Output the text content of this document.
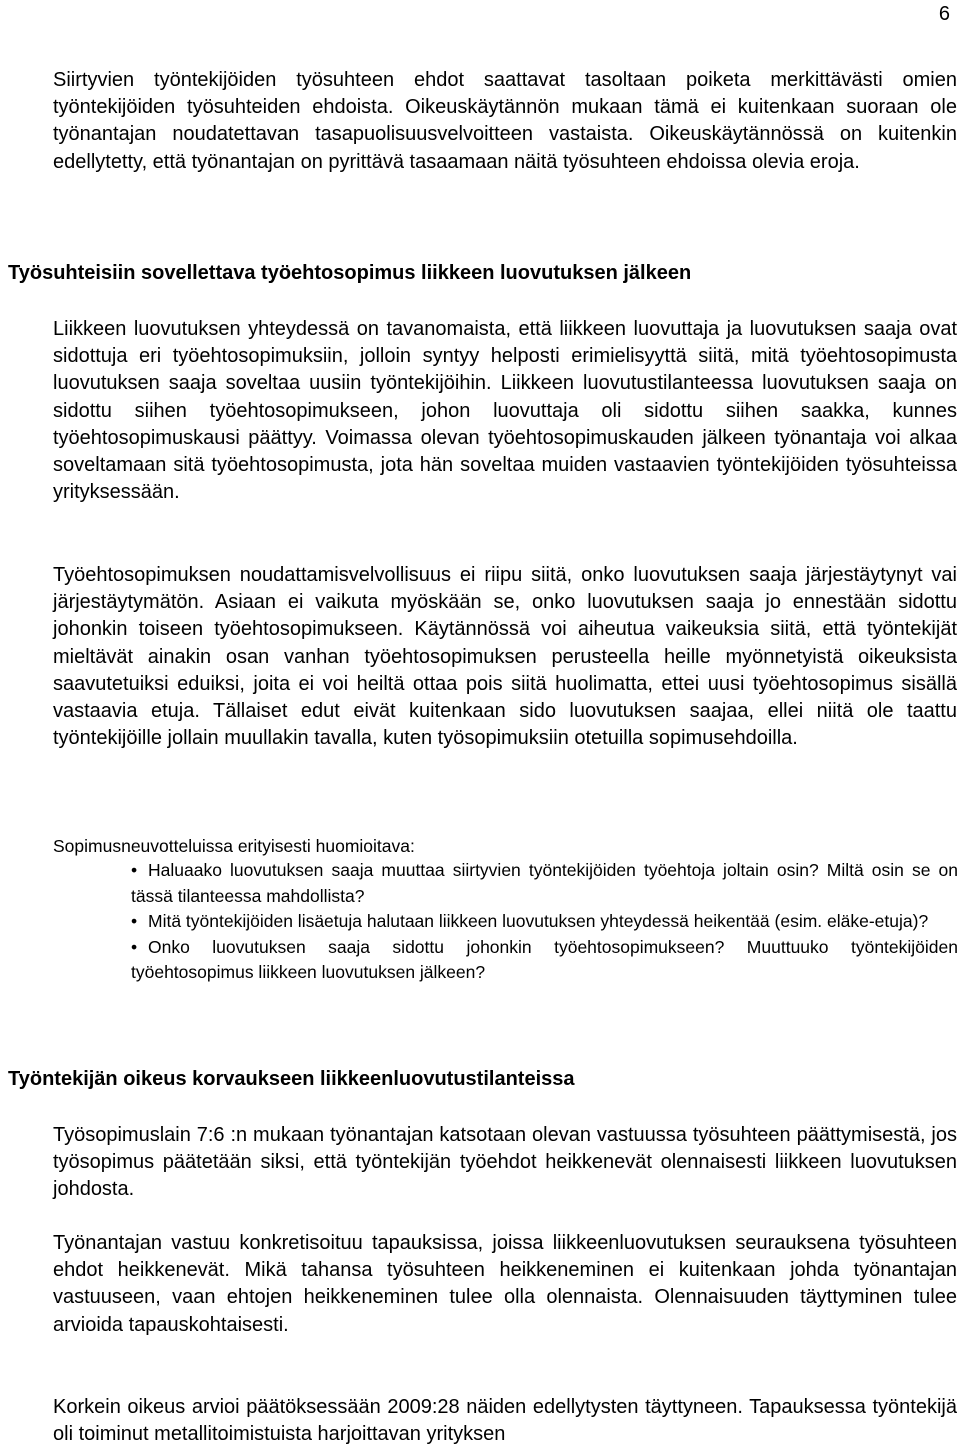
6

Siirtyvien työntekijöiden työsuhteen ehdot saattavat tasoltaan poiketa merkittävästi omien työntekijöiden työsuhteiden ehdoista. Oikeuskäytännön mukaan tämä ei kuitenkaan suoraan ole työnantajan noudatettavan tasapuolisuusvelvoitteen vastaista. Oikeuskäytännössä on kuitenkin edellytetty, että työnantajan on pyrittävä tasaamaan näitä työsuhteen ehdoissa olevia eroja.

Työsuhteisiin sovellettava työehtosopimus liikkeen luovutuksen jälkeen

Liikkeen luovutuksen yhteydessä on tavanomaista, että liikkeen luovuttaja ja luovutuksen saaja ovat sidottuja eri työehtosopimuksiin, jolloin syntyy helposti erimielisyyttä siitä, mitä työehtosopimusta luovutuksen saaja soveltaa uusiin työntekijöihin. Liikkeen luovutustilanteessa luovutuksen saaja on sidottu siihen työehtosopimukseen, johon luovuttaja oli sidottu siihen saakka, kunnes työehtosopimuskausi päättyy. Voimassa olevan työehtosopimuskauden jälkeen työnantaja voi alkaa soveltamaan sitä työehtosopimusta, jota hän soveltaa muiden vastaavien työntekijöiden työsuhteissa yrityksessään.

Työehtosopimuksen noudattamisvelvollisuus ei riipu siitä, onko luovutuksen saaja järjestäytynyt vai järjestäytymätön. Asiaan ei vaikuta myöskään se, onko luovutuksen saaja jo ennestään sidottu johonkin toiseen työehtosopimukseen. Käytännössä voi aiheutua vaikeuksia siitä, että työntekijät mieltävät ainakin osan vanhan työehtosopimuksen perusteella heille myönnetyistä oikeuksista saavutetuiksi eduiksi, joita ei voi heiltä ottaa pois siitä huolimatta, ettei uusi työehtosopimus sisällä vastaavia etuja. Tällaiset edut eivät kuitenkaan sido luovutuksen saajaa, ellei niitä ole taattu työntekijöille jollain muullakin tavalla, kuten työsopimuksiin otetuilla sopimusehdoilla.

Sopimusneuvotteluissa erityisesti huomioitava:

• Haluaako luovutuksen saaja muuttaa siirtyvien työntekijöiden työehtoja joltain osin? Miltä osin se on tässä tilanteessa mahdollista?
• Mitä työntekijöiden lisäetuja halutaan liikkeen luovutuksen yhteydessä heikentää (esim. eläke-etuja)?
• Onko luovutuksen saaja sidottu johonkin työehtosopimukseen? Muuttuuko työntekijöiden työehtosopimus liikkeen luovutuksen jälkeen?
Työntekijän oikeus korvaukseen liikkeenluovutustilanteissa

Työsopimuslain 7:6 :n mukaan työnantajan katsotaan olevan vastuussa työsuhteen päättymisestä, jos työsopimus päätetään siksi, että työntekijän työehdot heikkenevät olennaisesti liikkeen luovutuksen johdosta.

Työnantajan vastuu konkretisoituu tapauksissa, joissa liikkeenluovutuksen seurauksena työsuhteen ehdot heikkenevät. Mikä tahansa työsuhteen heikkeneminen ei kuitenkaan johda työnantajan vastuuseen, vaan ehtojen heikkeneminen tulee olla olennaista. Olennaisuuden täyttyminen tulee arvioida tapauskohtaisesti.

Korkein oikeus arvioi päätöksessään 2009:28 näiden edellytysten täyttyneen. Tapauksessa työntekijä oli toiminut metallitoimistuista harjoittavan yrityksen
